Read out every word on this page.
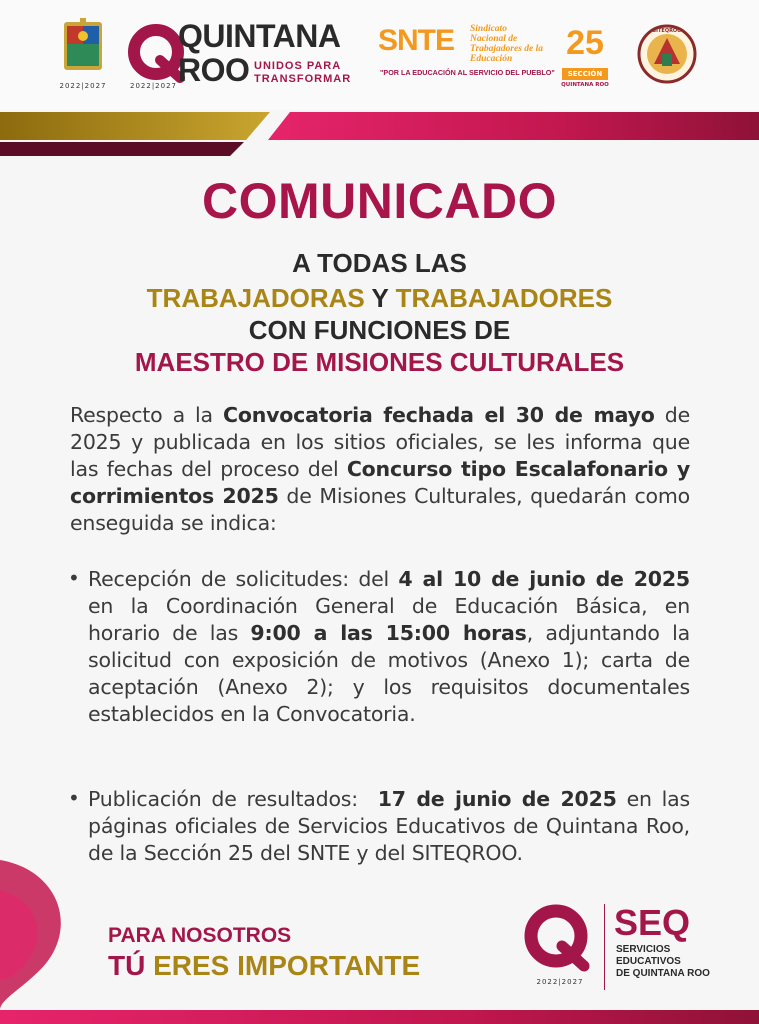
2022|2027
QUINTANA
ROO UNIDOS PARA
TRANSFORMAR
2022|2027
SNTE Sindicato
Nacional de
Trabajadores de la
Educación
"POR LA EDUCACIÓN AL SERVICIO DEL PUEBLO"
25
SECCIÓN
QUINTANA ROO
SITEQROO
COMUNICADO
A TODAS LAS
TRABAJADORAS Y TRABAJADORES
CON FUNCIONES DE
MAESTRO DE MISIONES CULTURALES
Respecto a la Convocatoria fechada el 30 de mayo de 2025 y publicada en los sitios oficiales, se les informa que las fechas del proceso del Concurso tipo Escalafonario y corrimientos 2025 de Misiones Culturales, quedarán como enseguida se indica:
• Recepción de solicitudes: del 4 al 10 de junio de 2025 en la Coordinación General de Educación Básica, en horario de las 9:00 a las 15:00 horas, adjuntando la solicitud con exposición de motivos (Anexo 1); carta de aceptación (Anexo 2); y los requisitos documentales establecidos en la Convocatoria.
• Publicación de resultados:  17 de junio de 2025 en las páginas oficiales de Servicios Educativos de Quintana Roo, de la Sección 25 del SNTE y del SITEQROO.
PARA NOSOTROS
TÚ ERES IMPORTANTE
2022|2027
SEQ
SERVICIOS
EDUCATIVOS
DE QUINTANA ROO
